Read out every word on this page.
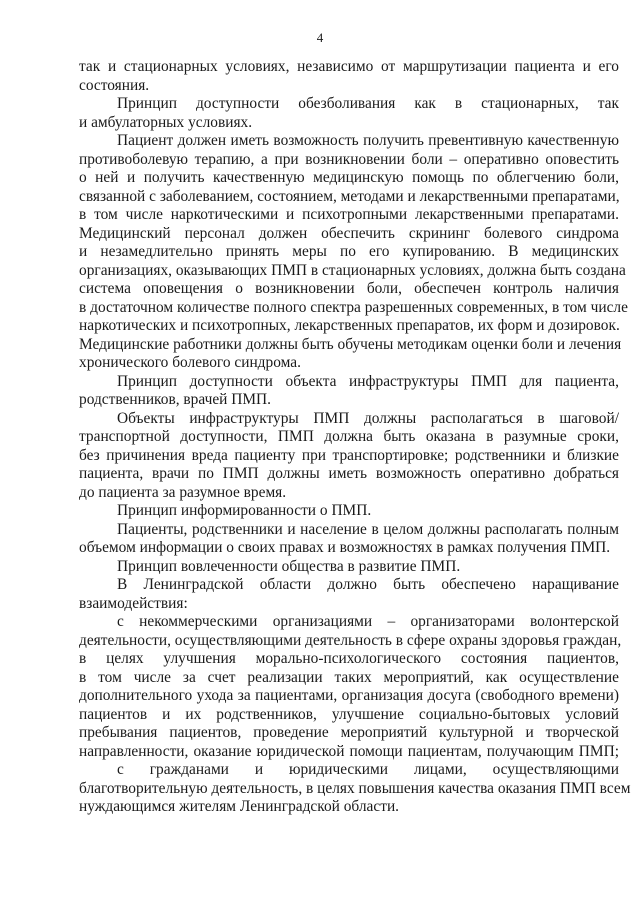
4
так и стационарных условиях, независимо от маршрутизации пациента и его
состояния.
Принцип доступности обезболивания как в стационарных, так
и амбулаторных условиях.
Пациент должен иметь возможность получить превентивную качественную
противоболевую терапию, а при возникновении боли – оперативно оповестить
о ней и получить качественную медицинскую помощь по облегчению боли,
связанной с заболеванием, состоянием, методами и лекарственными препаратами,
в том числе наркотическими и психотропными лекарственными препаратами.
Медицинский персонал должен обеспечить скрининг болевого синдрома
и незамедлительно принять меры по его купированию. В медицинских
организациях, оказывающих ПМП в стационарных условиях, должна быть создана
система оповещения о возникновении боли, обеспечен контроль наличия
в достаточном количестве полного спектра разрешенных современных, в том числе
наркотических и психотропных, лекарственных препаратов, их форм и дозировок.
Медицинские работники должны быть обучены методикам оценки боли и лечения
хронического болевого синдрома.
Принцип доступности объекта инфраструктуры ПМП для пациента,
родственников, врачей ПМП.
Объекты инфраструктуры ПМП должны располагаться в шаговой/
транспортной доступности, ПМП должна быть оказана в разумные сроки,
без причинения вреда пациенту при транспортировке; родственники и близкие
пациента, врачи по ПМП должны иметь возможность оперативно добраться
до пациента за разумное время.
Принцип информированности о ПМП.
Пациенты, родственники и население в целом должны располагать полным
объемом информации о своих правах и возможностях в рамках получения ПМП.
Принцип вовлеченности общества в развитие ПМП.
В Ленинградской области должно быть обеспечено наращивание
взаимодействия:
с некоммерческими организациями – организаторами волонтерской
деятельности, осуществляющими деятельность в сфере охраны здоровья граждан,
в целях улучшения морально-психологического состояния пациентов,
в том числе за счет реализации таких мероприятий, как осуществление
дополнительного ухода за пациентами, организация досуга (свободного времени)
пациентов и их родственников, улучшение социально-бытовых условий
пребывания пациентов, проведение мероприятий культурной и творческой
направленности, оказание юридической помощи пациентам, получающим ПМП;
с гражданами и юридическими лицами, осуществляющими
благотворительную деятельность, в целях повышения качества оказания ПМП всем
нуждающимся жителям Ленинградской области.
